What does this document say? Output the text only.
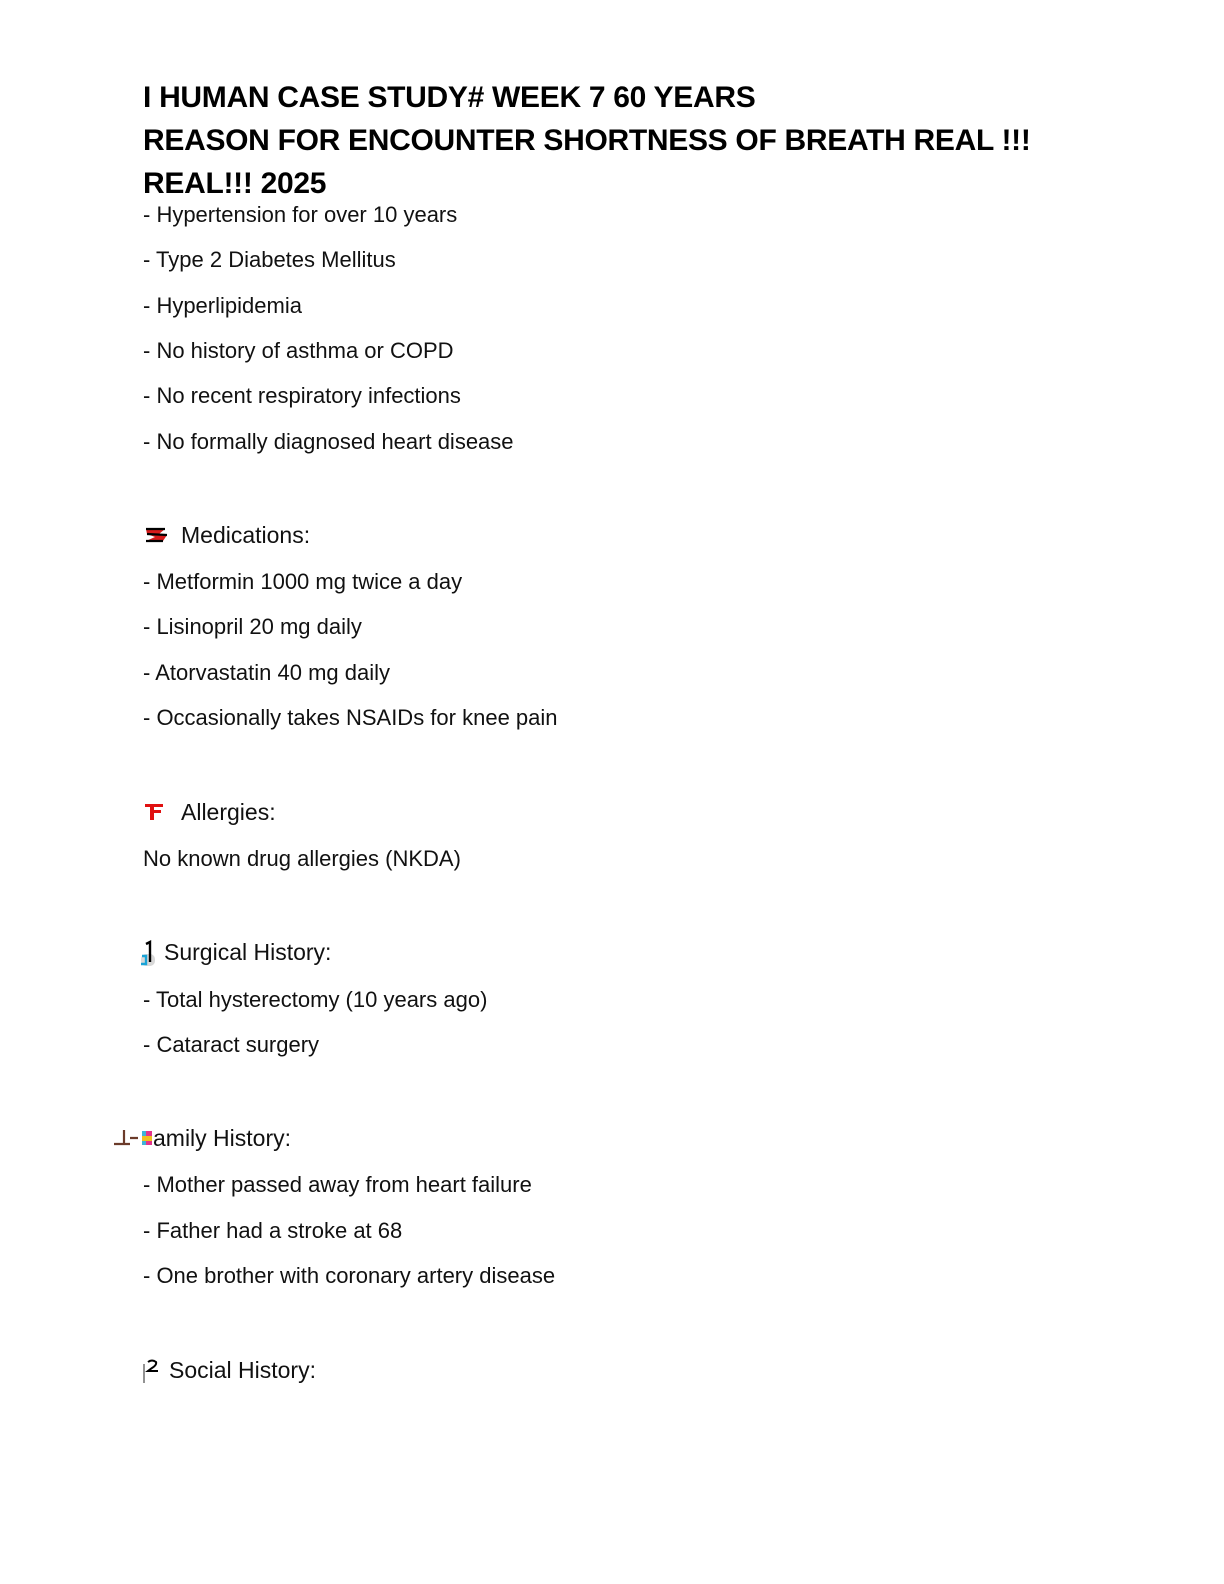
I HUMAN CASE STUDY# WEEK 7 60 YEARS
REASON FOR ENCOUNTER SHORTNESS OF BREATH REAL !!!
REAL!!! 2025
- Hypertension for over 10 years
- Type 2 Diabetes Mellitus
- Hyperlipidemia
- No history of asthma or COPD
- No recent respiratory infections
- No formally diagnosed heart disease
Medications:
- Metformin 1000 mg twice a day
- Lisinopril 20 mg daily
- Atorvastatin 40 mg daily
- Occasionally takes NSAIDs for knee pain
Allergies:
No known drug allergies (NKDA)
Surgical History:
- Total hysterectomy (10 years ago)
- Cataract surgery
amily History:
- Mother passed away from heart failure
- Father had a stroke at 68
- One brother with coronary artery disease
Social History:
